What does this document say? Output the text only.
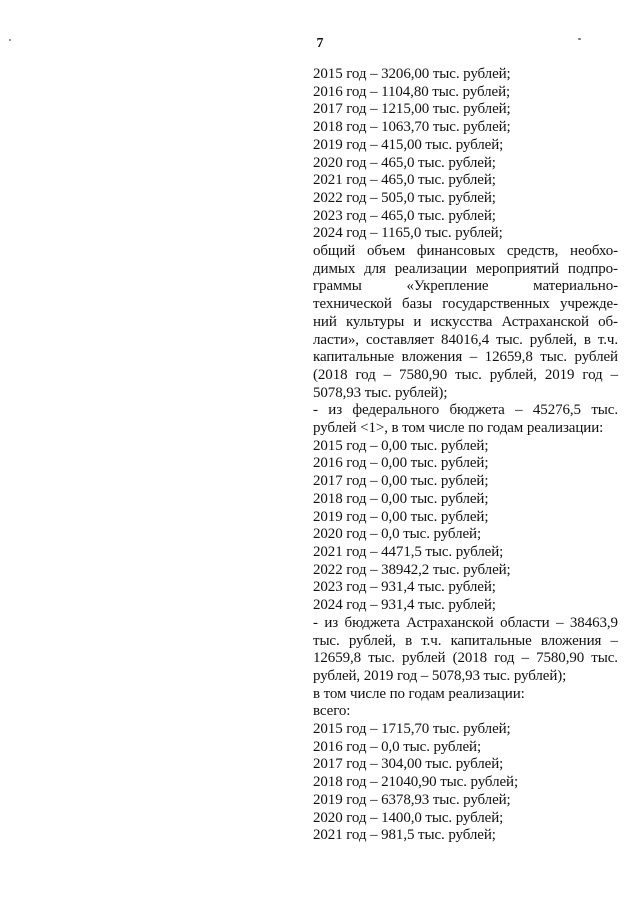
7
2015 год – 3206,00 тыс. рублей;
2016 год – 1104,80 тыс. рублей;
2017 год – 1215,00 тыс. рублей;
2018 год – 1063,70 тыс. рублей;
2019 год – 415,00 тыс. рублей;
2020 год – 465,0 тыс. рублей;
2021 год – 465,0 тыс. рублей;
2022 год – 505,0 тыс. рублей;
2023 год – 465,0 тыс. рублей;
2024 год – 1165,0 тыс. рублей;
общий объем финансовых средств, необхо-
димых для реализации мероприятий подпро-
граммы	«Укрепление	материально-
технической базы государственных учрежде-
ний культуры и искусства Астраханской об-
ласти», составляет 84016,4 тыс. рублей, в т.ч.
капитальные вложения – 12659,8 тыс. рублей
(2018 год – 7580,90 тыс. рублей, 2019 год –
5078,93 тыс. рублей);
- из федерального бюджета – 45276,5 тыс.
рублей <1>, в том числе по годам реализации:
2015 год – 0,00 тыс. рублей;
2016 год – 0,00 тыс. рублей;
2017 год – 0,00 тыс. рублей;
2018 год – 0,00 тыс. рублей;
2019 год – 0,00 тыс. рублей;
2020 год – 0,0 тыс. рублей;
2021 год – 4471,5 тыс. рублей;
2022 год – 38942,2 тыс. рублей;
2023 год – 931,4 тыс. рублей;
2024 год – 931,4 тыс. рублей;
- из бюджета Астраханской области – 38463,9
тыс. рублей, в т.ч. капитальные вложения –
12659,8 тыс. рублей (2018 год – 7580,90 тыс.
рублей, 2019 год – 5078,93 тыс. рублей);
в том числе по годам реализации:
всего:
2015 год – 1715,70 тыс. рублей;
2016 год – 0,0 тыс. рублей;
2017 год – 304,00 тыс. рублей;
2018 год – 21040,90 тыс. рублей;
2019 год – 6378,93 тыс. рублей;
2020 год – 1400,0 тыс. рублей;
2021 год – 981,5 тыс. рублей;
